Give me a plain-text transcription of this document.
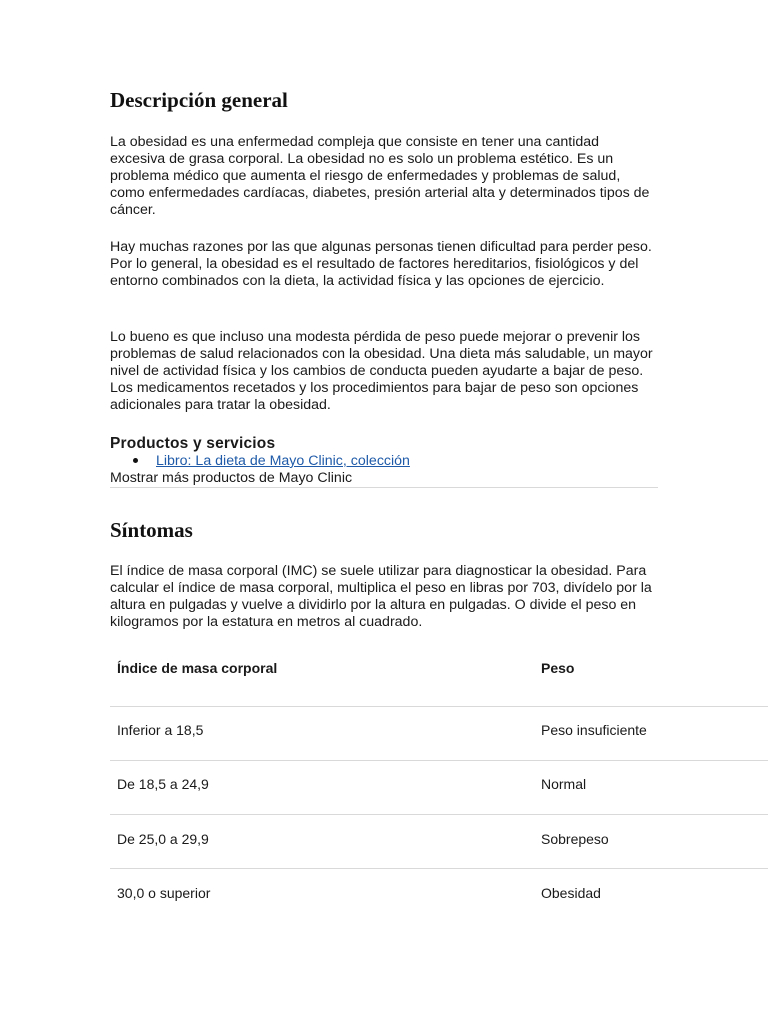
Descripción general

La obesidad es una enfermedad compleja que consiste en tener una cantidad excesiva de grasa corporal. La obesidad no es solo un problema estético. Es un problema médico que aumenta el riesgo de enfermedades y problemas de salud, como enfermedades cardíacas, diabetes, presión arterial alta y determinados tipos de cáncer.

Hay muchas razones por las que algunas personas tienen dificultad para perder peso. Por lo general, la obesidad es el resultado de factores hereditarios, fisiológicos y del entorno combinados con la dieta, la actividad física y las opciones de ejercicio.

Lo bueno es que incluso una modesta pérdida de peso puede mejorar o prevenir los problemas de salud relacionados con la obesidad. Una dieta más saludable, un mayor nivel de actividad física y los cambios de conducta pueden ayudarte a bajar de peso. Los medicamentos recetados y los procedimientos para bajar de peso son opciones adicionales para tratar la obesidad.

Productos y servicios
Libro: La dieta de Mayo Clinic, colección
Mostrar más productos de Mayo Clinic
Síntomas

El índice de masa corporal (IMC) se suele utilizar para diagnosticar la obesidad. Para calcular el índice de masa corporal, multiplica el peso en libras por 703, divídelo por la altura en pulgadas y vuelve a dividirlo por la altura en pulgadas. O divide el peso en kilogramos por la estatura en metros al cuadrado.

Índice de masa corporal	Peso
Inferior a 18,5	Peso insuficiente
De 18,5 a 24,9	Normal
De 25,0 a 29,9	Sobrepeso
30,0 o superior	Obesidad
